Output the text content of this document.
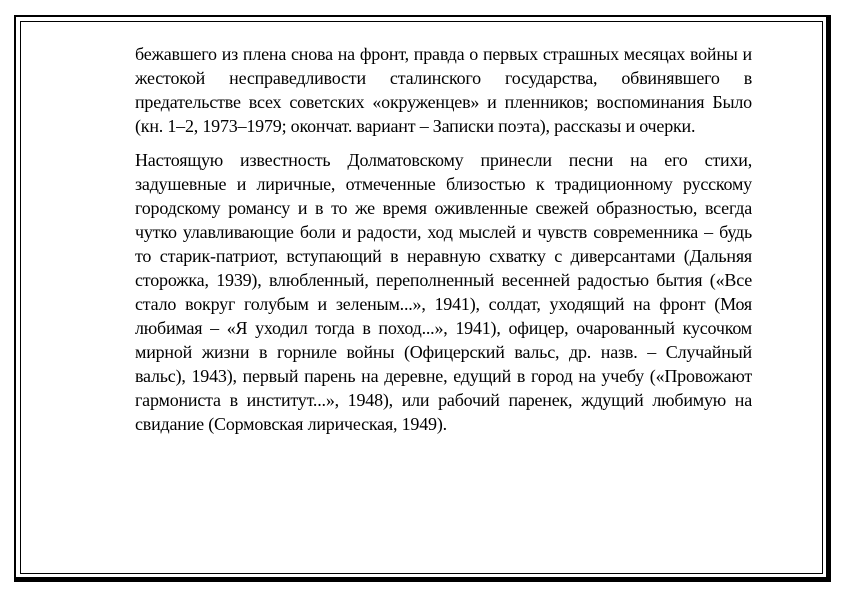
бежавшего из плена снова на фронт, правда о первых страшных месяцах войны и жестокой несправедливости сталинского государства, обвинявшего в предательстве всех советских «окруженцев» и пленников; воспоминания Было (кн. 1–2, 1973–1979; окончат. вариант – Записки поэта), рассказы и очерки.

Настоящую известность Долматовскому принесли песни на его стихи, задушевные и лиричные, отмеченные близостью к традиционному русскому городскому романсу и в то же время оживленные свежей образностью, всегда чутко улавливающие боли и радости, ход мыслей и чувств современника – будь то старик-патриот, вступающий в неравную схватку с диверсантами (Дальняя сторожка, 1939), влюбленный, переполненный весенней радостью бытия («Все стало вокруг голубым и зеленым...», 1941), солдат, уходящий на фронт (Моя любимая – «Я уходил тогда в поход...», 1941), офицер, очарованный кусочком мирной жизни в горниле войны (Офицерский вальс, др. назв. – Случайный вальс), 1943), первый парень на деревне, едущий в город на учебу («Провожают гармониста в институт...», 1948), или рабочий паренек, ждущий любимую на свидание (Сормовская лирическая, 1949).
